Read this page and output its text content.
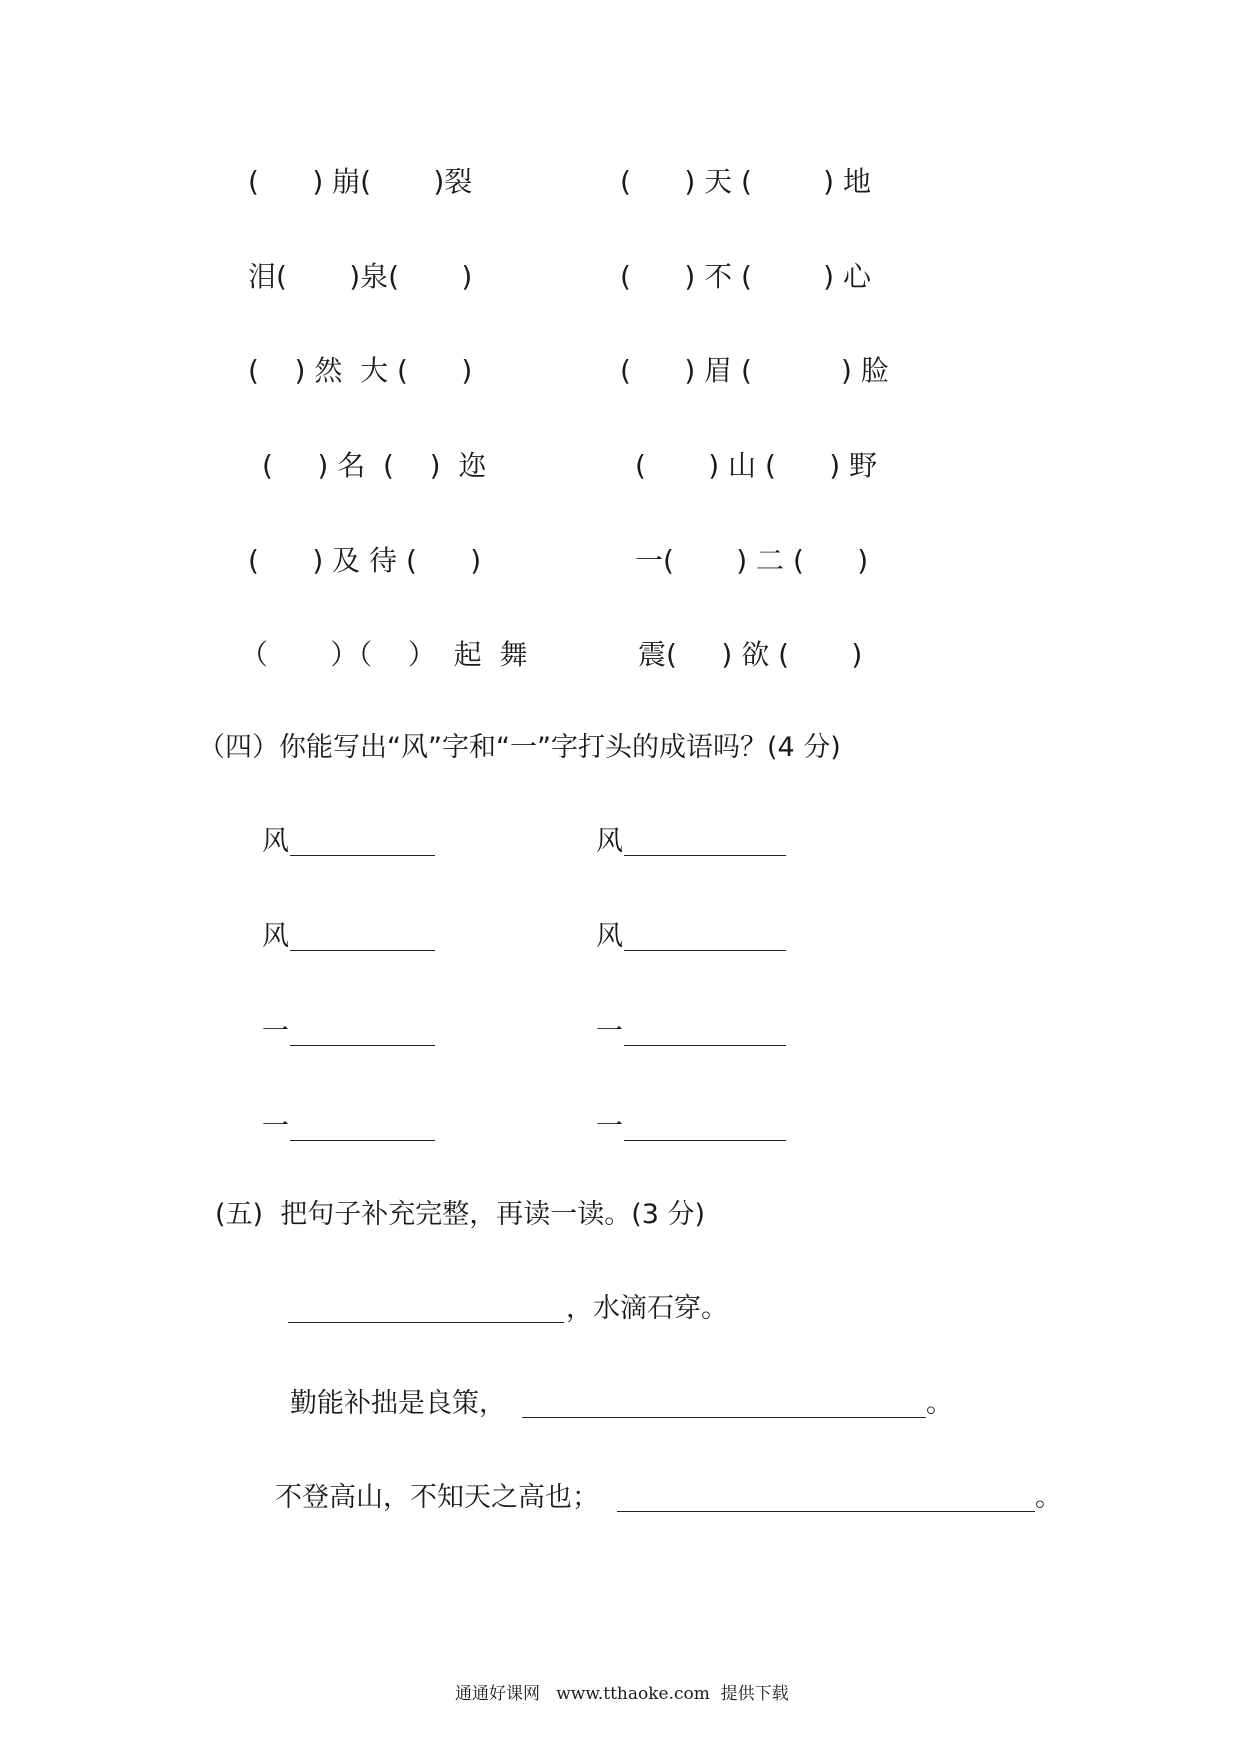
(      ) 崩(       )裂	(      ) 天 (        ) 地
泪(       )泉(       )	(      ) 不 (        ) 心
(    ) 然  大 (      )	(      ) 眉 (          ) 脸
(     ) 名  (    )  迩	(       ) 山 (      ) 野
(      ) 及 待 (      )	一(       ) 二 (      )
（       ）（    ）  起  舞	震(     ) 欲 (       )
（四）你能写出“风”字和“一”字打头的成语吗？(4 分)
风	风
风	风
一	一
一	一
(五)  把句子补充完整，再读一读。(3 分)
，水滴石穿。
勤能补拙是良策，	。
不登高山，不知天之高也；	。
通通好课网   www.tthaoke.com  提供下载
